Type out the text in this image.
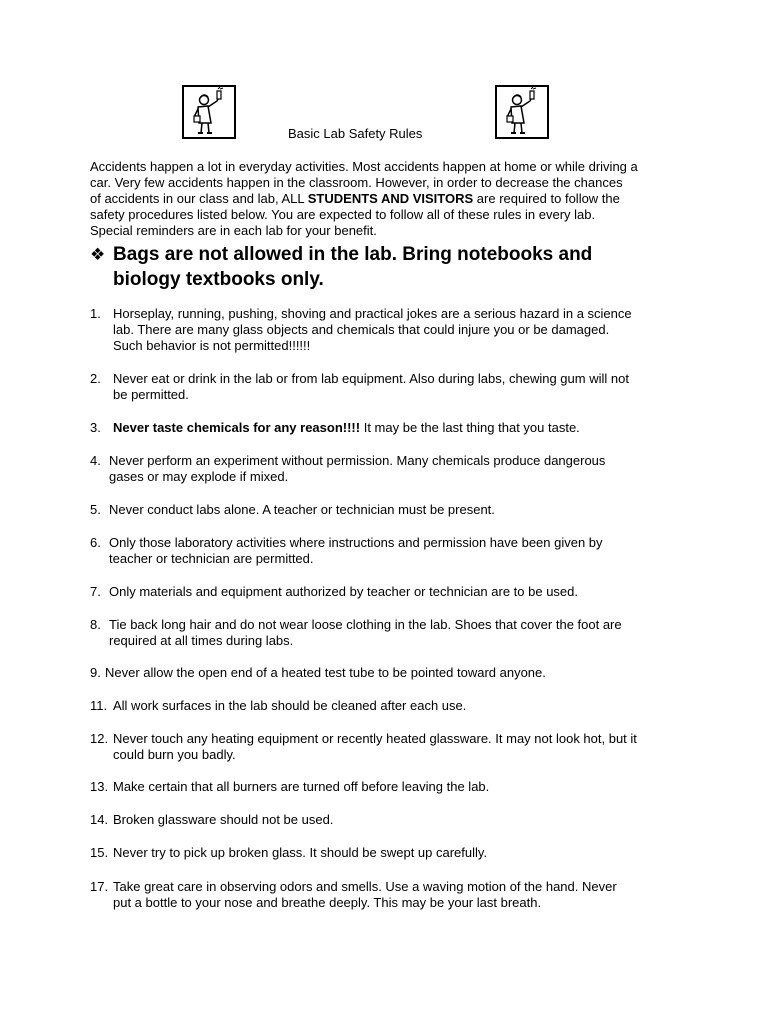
Basic Lab Safety Rules
Accidents happen a lot in everyday activities. Most accidents happen at home or while driving a
car. Very few accidents happen in the classroom. However, in order to decrease the chances
of accidents in our class and lab, ALL STUDENTS AND VISITORS are required to follow the
safety procedures listed below. You are expected to follow all of these rules in every lab.
Special reminders are in each lab for your benefit.
❖ Bags are not allowed in the lab. Bring notebooks and
biology textbooks only.
1. Horseplay, running, pushing, shoving and practical jokes are a serious hazard in a science
lab. There are many glass objects and chemicals that could injure you or be damaged.
Such behavior is not permitted!!!!!!
2. Never eat or drink in the lab or from lab equipment. Also during labs, chewing gum will not
be permitted.
3. Never taste chemicals for any reason!!!! It may be the last thing that you taste.
4. Never perform an experiment without permission. Many chemicals produce dangerous
gases or may explode if mixed.
5. Never conduct labs alone. A teacher or technician must be present.
6. Only those laboratory activities where instructions and permission have been given by
teacher or technician are permitted.
7. Only materials and equipment authorized by teacher or technician are to be used.
8. Tie back long hair and do not wear loose clothing in the lab. Shoes that cover the foot are
required at all times during labs.
9. Never allow the open end of a heated test tube to be pointed toward anyone.
11. All work surfaces in the lab should be cleaned after each use.
12. Never touch any heating equipment or recently heated glassware. It may not look hot, but it
could burn you badly.
13. Make certain that all burners are turned off before leaving the lab.
14. Broken glassware should not be used.
15. Never try to pick up broken glass. It should be swept up carefully.
17. Take great care in observing odors and smells. Use a waving motion of the hand. Never
put a bottle to your nose and breathe deeply. This may be your last breath.
